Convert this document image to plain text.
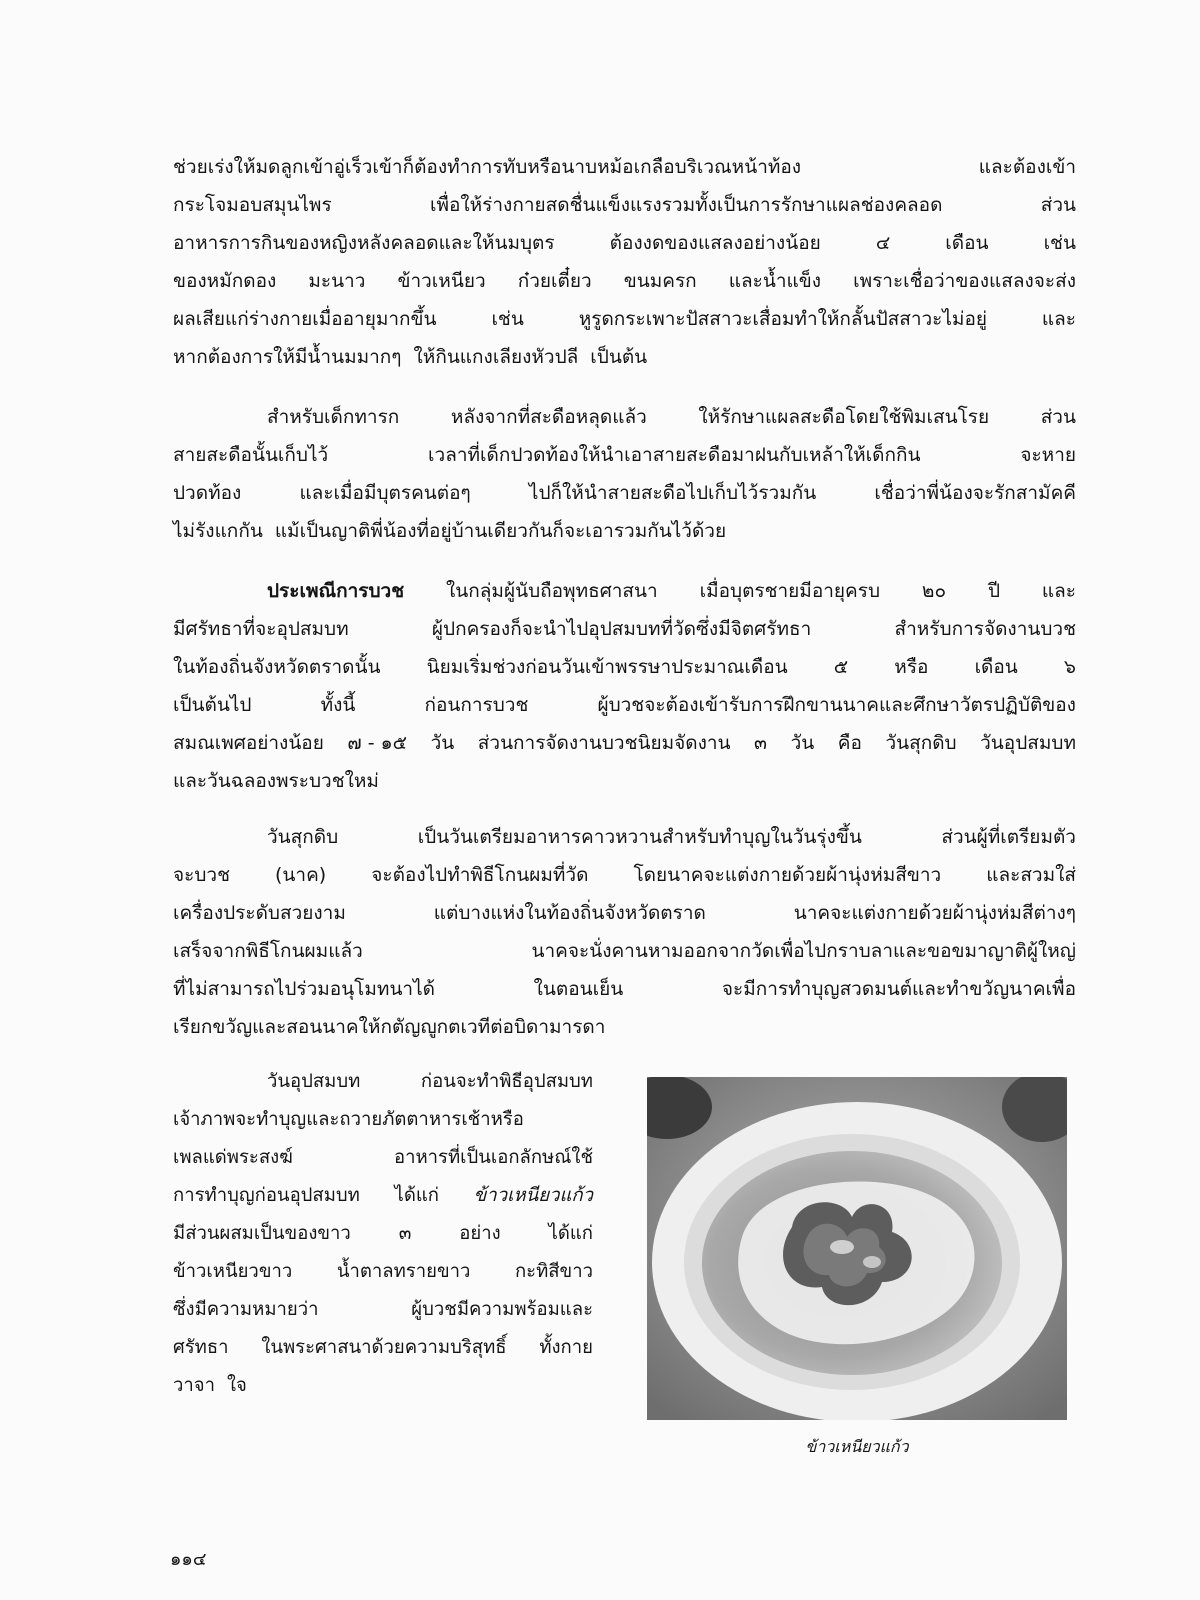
ช่วยเร่งให้มดลูกเข้าอู่เร็วเข้าก็ต้องทำการทับหรือนาบหม้อเกลือบริเวณหน้าท้อง	และต้องเข้า
กระโจมอบสมุนไพร	เพื่อให้ร่างกายสดชื่นแข็งแรงรวมทั้งเป็นการรักษาแผลช่องคลอด	ส่วน
อาหารการกินของหญิงหลังคลอดและให้นมบุตร	ต้องงดของแสลงอย่างน้อย	๔	เดือน	เช่น
ของหมักดอง มะนาว ข้าวเหนียว ก๋วยเตี๋ยว ขนมครก และน้ำแข็ง เพราะเชื่อว่าของแสลงจะส่ง
ผลเสียแก่ร่างกายเมื่ออายุมากขึ้น	เช่น	หูรูดกระเพาะปัสสาวะเสื่อมทำให้กลั้นปัสสาวะไม่อยู่	และ
หากต้องการให้มีน้ำนมมากๆ ให้กินแกงเลียงหัวปลี เป็นต้น
สำหรับเด็กทารก	หลังจากที่สะดือหลุดแล้ว	ให้รักษาแผลสะดือโดยใช้พิมเสนโรย	ส่วน
สายสะดือนั้นเก็บไว้	เวลาที่เด็กปวดท้องให้นำเอาสายสะดือมาฝนกับเหล้าให้เด็กกิน	จะหาย
ปวดท้อง	และเมื่อมีบุตรคนต่อๆ	ไปก็ให้นำสายสะดือไปเก็บไว้รวมกัน	เชื่อว่าพี่น้องจะรักสามัคคี
ไม่รังแกกัน แม้เป็นญาติพี่น้องที่อยู่บ้านเดียวกันก็จะเอารวมกันไว้ด้วย
ประเพณีการบวช ในกลุ่มผู้นับถือพุทธศาสนา เมื่อบุตรชายมีอายุครบ ๒๐ ปี และ
มีศรัทธาที่จะอุปสมบท	ผู้ปกครองก็จะนำไปอุปสมบทที่วัดซึ่งมีจิตศรัทธา	สำหรับการจัดงานบวช
ในท้องถิ่นจังหวัดตราดนั้น นิยมเริ่มช่วงก่อนวันเข้าพรรษาประมาณเดือน ๕ หรือ เดือน ๖
เป็นต้นไป	ทั้งนี้	ก่อนการบวช	ผู้บวชจะต้องเข้ารับการฝึกขานนาคและศึกษาวัตรปฏิบัติของ
สมณเพศอย่างน้อย ๗ - ๑๕ วัน ส่วนการจัดงานบวชนิยมจัดงาน ๓ วัน คือ วันสุกดิบ วันอุปสมบท
และวันฉลองพระบวชใหม่
วันสุกดิบ	เป็นวันเตรียมอาหารคาวหวานสำหรับทำบุญในวันรุ่งขึ้น	ส่วนผู้ที่เตรียมตัว
จะบวช (นาค) จะต้องไปทำพิธีโกนผมที่วัด โดยนาคจะแต่งกายด้วยผ้านุ่งห่มสีขาว และสวมใส่
เครื่องประดับสวยงาม	แต่บางแห่งในท้องถิ่นจังหวัดตราด	นาคจะแต่งกายด้วยผ้านุ่งห่มสีต่างๆ
เสร็จจากพิธีโกนผมแล้ว	นาคจะนั่งคานหามออกจากวัดเพื่อไปกราบลาและขอขมาญาติผู้ใหญ่
ที่ไม่สามารถไปร่วมอนุโมทนาได้	ในตอนเย็น	จะมีการทำบุญสวดมนต์และทำขวัญนาคเพื่อ
เรียกขวัญและสอนนาคให้กตัญญูกตเวทีต่อบิดามารดา
วันอุปสมบท	ก่อนจะทำพิธีอุปสมบท
เจ้าภาพจะทำบุญและถวายภัตตาหารเช้าหรือ
เพลแด่พระสงฆ์	อาหารที่เป็นเอกลักษณ์ใช้
การทำบุญก่อนอุปสมบท ได้แก่ ข้าวเหนียวแก้ว
มีส่วนผสมเป็นของขาว	๓	อย่าง	ได้แก่
ข้าวเหนียวขาว น้ำตาลทรายขาว กะทิสีขาว
ซึ่งมีความหมายว่า	ผู้บวชมีความพร้อมและ
ศรัทธา ในพระศาสนาด้วยความบริสุทธิ์ ทั้งกาย
วาจา ใจ
ข้าวเหนียวแก้ว
๑๑๔
